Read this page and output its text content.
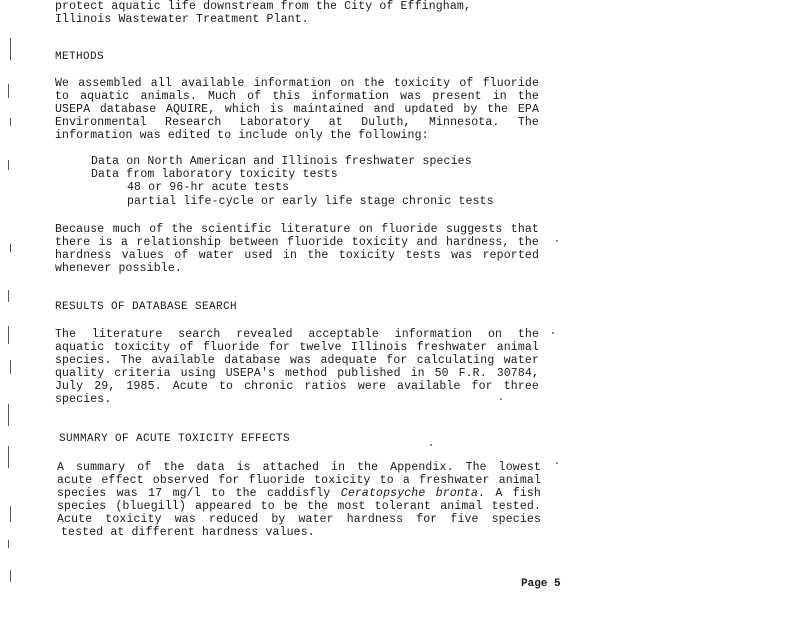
protect aquatic life downstream from the City of Effingham,
Illinois Wastewater Treatment Plant.
METHODS
We assembled all available information on the toxicity of fluoride
to aquatic animals. Much of this information was present in the
USEPA database AQUIRE, which is maintained and updated by the EPA
Environmental Research Laboratory at Duluth, Minnesota. The
information was edited to include only the following:
Data on North American and Illinois freshwater species
Data from laboratory toxicity tests
48 or 96-hr acute tests
partial life-cycle or early life stage chronic tests
Because much of the scientific literature on fluoride suggests that
there is a relationship between fluoride toxicity and hardness, the
hardness values of water used in the toxicity tests was reported
whenever possible.
RESULTS OF DATABASE SEARCH
The literature search revealed acceptable information on the
aquatic toxicity of fluoride for twelve Illinois freshwater animal
species. The available database was adequate for calculating water
quality criteria using USEPA's method published in 50 F.R. 30784,
July 29, 1985. Acute to chronic ratios were available for three
species.
SUMMARY OF ACUTE TOXICITY EFFECTS
A summary of the data is attached in the Appendix. The lowest
acute effect observed for fluoride toxicity to a freshwater animal
species was 17 mg/l to the caddisfly Ceratopsyche bronta. A fish
species (bluegill) appeared to be the most tolerant animal tested.
Acute toxicity was reduced by water hardness for five species
tested at different hardness values.
Page 5
